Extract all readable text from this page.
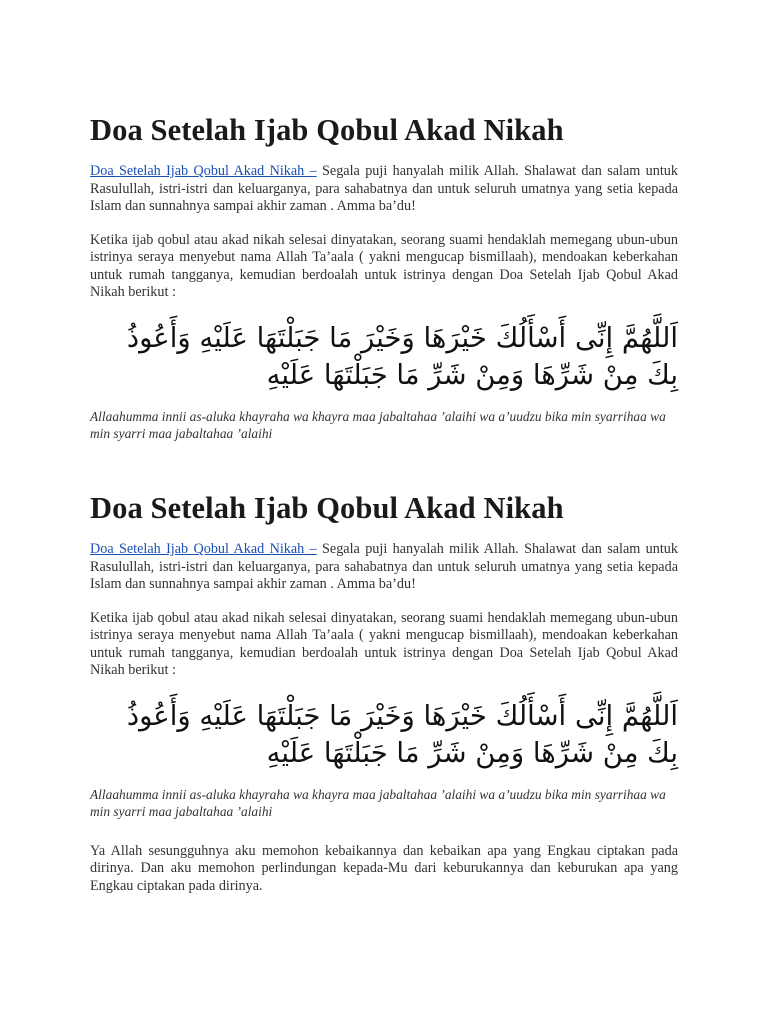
Doa Setelah Ijab Qobul Akad Nikah

Doa Setelah Ijab Qobul Akad Nikah – Segala puji hanyalah milik Allah. Shalawat dan salam untuk Rasulullah, istri-istri dan keluarganya, para sahabatnya dan untuk seluruh umatnya yang setia kepada Islam dan sunnahnya sampai akhir zaman . Amma ba’du!

Ketika ijab qobul atau akad nikah selesai dinyatakan, seorang suami hendaklah memegang ubun-ubun istrinya seraya menyebut nama Allah Ta’aala ( yakni mengucap bismillaah), mendoakan keberkahan untuk rumah tangganya, kemudian berdoalah untuk istrinya dengan Doa Setelah Ijab Qobul Akad Nikah berikut :

اَللَّهُمَّ إِنِّى أَسْأَلُكَ خَيْرَهَا وَخَيْرَ مَا جَبَلْتَهَا عَلَيْهِ وَأَعُوذُ بِكَ مِنْ شَرِّهَا وَمِنْ شَرِّ مَا جَبَلْتَهَا عَلَيْهِ

Allaahumma innii as-aluka khayraha wa khayra maa jabaltahaa ’alaihi wa a’uudzu bika min syarrihaa wa min syarri maa jabaltahaa ’alaihi

Doa Setelah Ijab Qobul Akad Nikah

Doa Setelah Ijab Qobul Akad Nikah – Segala puji hanyalah milik Allah. Shalawat dan salam untuk Rasulullah, istri-istri dan keluarganya, para sahabatnya dan untuk seluruh umatnya yang setia kepada Islam dan sunnahnya sampai akhir zaman . Amma ba’du!

Ketika ijab qobul atau akad nikah selesai dinyatakan, seorang suami hendaklah memegang ubun-ubun istrinya seraya menyebut nama Allah Ta’aala ( yakni mengucap bismillaah), mendoakan keberkahan untuk rumah tangganya, kemudian berdoalah untuk istrinya dengan Doa Setelah Ijab Qobul Akad Nikah berikut :

اَللَّهُمَّ إِنِّى أَسْأَلُكَ خَيْرَهَا وَخَيْرَ مَا جَبَلْتَهَا عَلَيْهِ وَأَعُوذُ بِكَ مِنْ شَرِّهَا وَمِنْ شَرِّ مَا جَبَلْتَهَا عَلَيْهِ

Allaahumma innii as-aluka khayraha wa khayra maa jabaltahaa ’alaihi wa a’uudzu bika min syarrihaa wa min syarri maa jabaltahaa ’alaihi

Ya Allah sesungguhnya aku memohon kebaikannya dan kebaikan apa yang Engkau ciptakan pada dirinya. Dan aku memohon perlindungan kepada-Mu dari keburukannya dan keburukan apa yang Engkau ciptakan pada dirinya.
